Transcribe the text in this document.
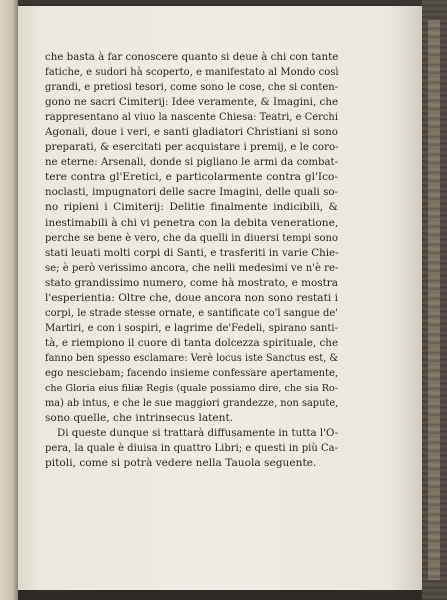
che basta à far conoscere quanto si deue à chi con tante
fatiche, e sudori hà scoperto, e manifestato al Mondo così
grandi, e pretiosi tesori, come sono le cose, che si conten-
gono ne sacri Cimiterij: Idee veramente, & Imagini, che
rappresentano al viuo la nascente Chiesa: Teatri, e Cerchi
Agonali, doue i veri, e santi gladiatori Christiani si sono
preparati, & esercitati per acquistare i premij, e le coro-
ne eterne: Arsenali, donde si pigliano le armi da combat-
tere contra gl'Eretici, e particolarmente contra gl'Ico-
noclasti, impugnatori delle sacre Imagini, delle quali so-
no ripieni i Cimiterij: Delitie finalmente indicibili, &
inestimabili à chi vi penetra con la debita veneratione,
perche se bene è vero, che da quelli in diuersi tempi sono
stati leuati molti corpi di Santi, e trasferiti in varie Chie-
se; è però verissimo ancora, che nelli medesimi ve n'è re-
stato grandissimo numero, come hà mostrato, e mostra
l'esperientia: Oltre che, doue ancora non sono restati i
corpi, le strade stesse ornate, e santificate co'l sangue de'
Martiri, e con i sospiri, e lagrime de'Fedeli, spirano santi-
tà, e riempiono il cuore di tanta dolcezza spirituale, che
fanno ben spesso esclamare: Verè locus iste Sanctus est, &
ego nesciebam; facendo insieme confessare apertamente,
che Gloria eius filiæ Regis (quale possiamo dire, che sia Ro-
ma) ab intus, e che le sue maggiori grandezze, non sapute,
sono quelle, che intrinsecus latent.
Di queste dunque si trattarà diffusamente in tutta l'O-
pera, la quale è diuisa in quattro Libri; e questi in più Ca-
pitoli, come si potrà vedere nella Tauola seguente.
